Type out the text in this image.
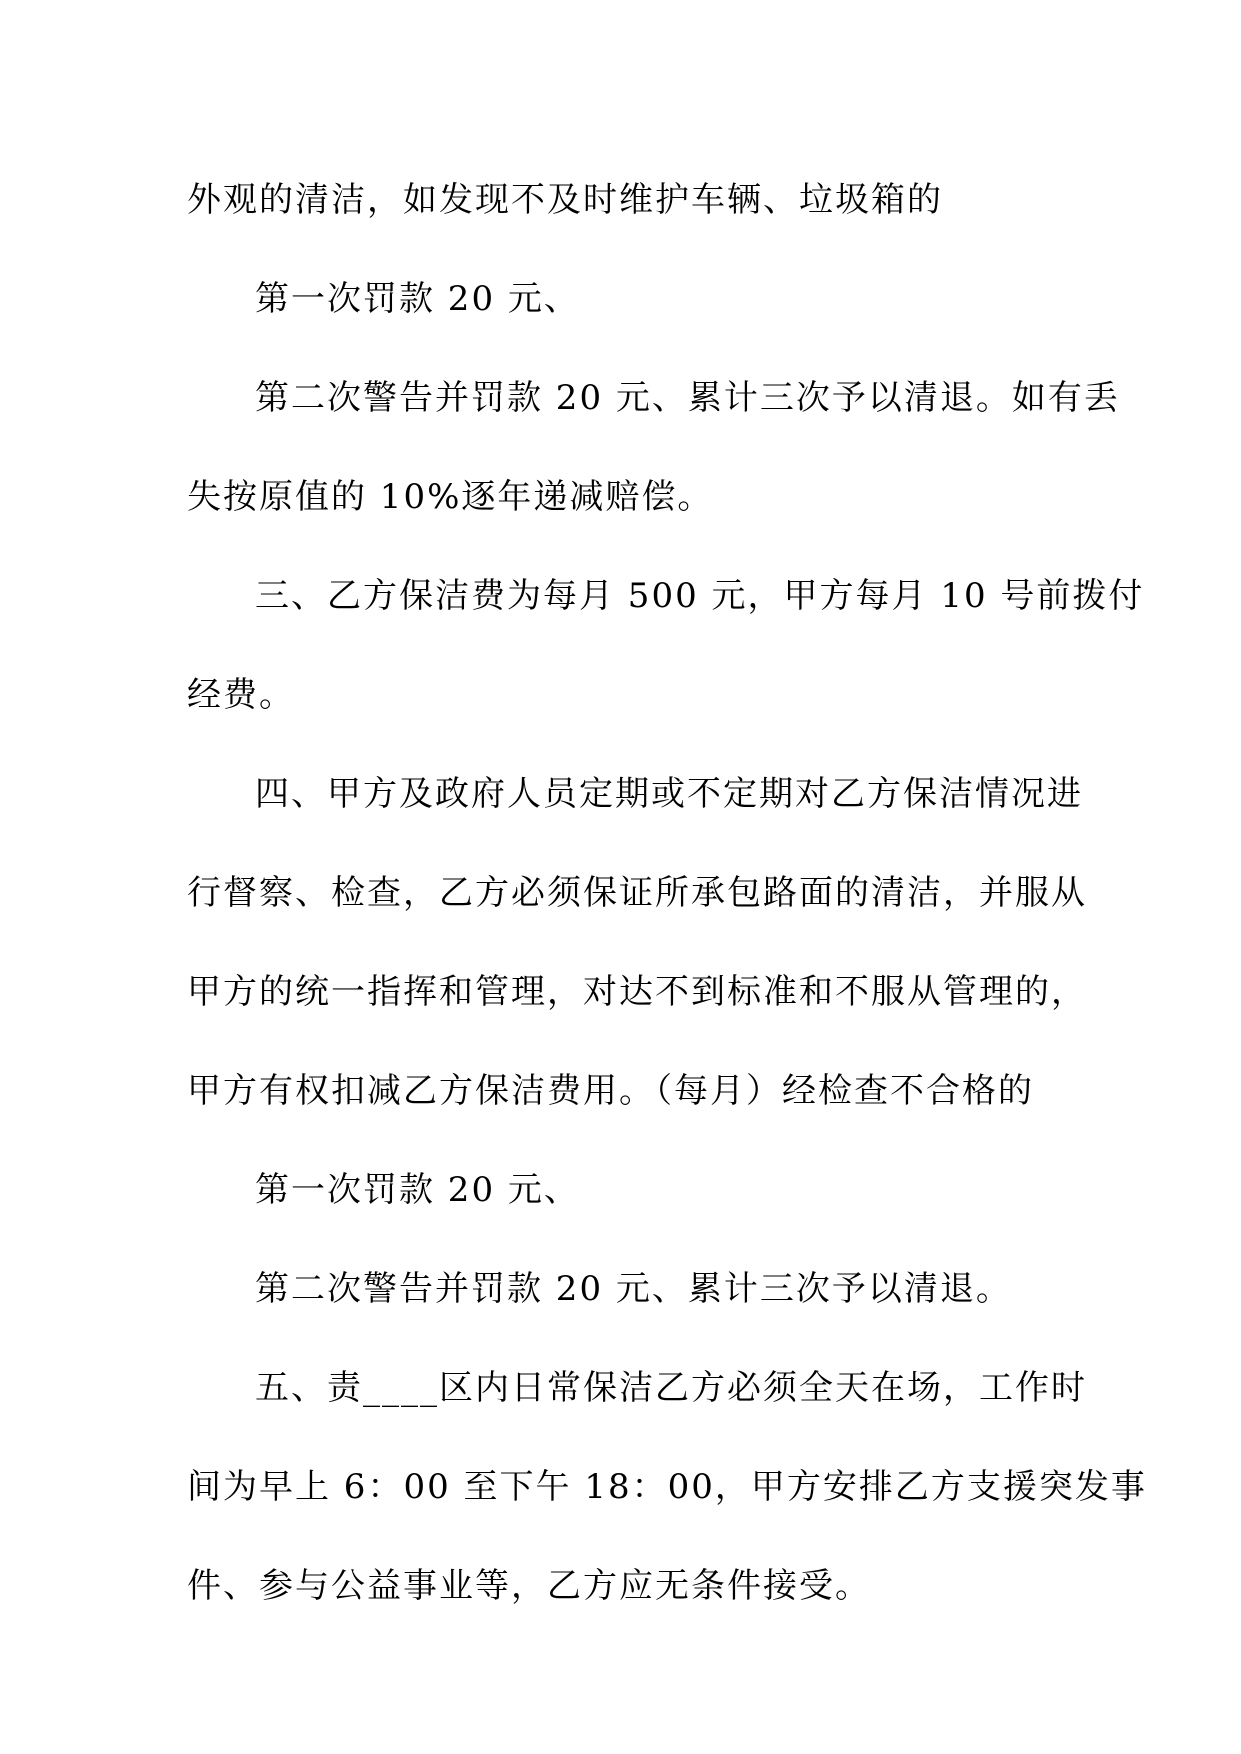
外观的清洁，如发现不及时维护车辆、垃圾箱的

第一次罚款 20 元、

第二次警告并罚款 20 元、累计三次予以清退。如有丢

失按原值的 10%逐年递减赔偿。

三、乙方保洁费为每月 500 元，甲方每月 10 号前拨付

经费。

四、甲方及政府人员定期或不定期对乙方保洁情况进

行督察、检查，乙方必须保证所承包路面的清洁，并服从

甲方的统一指挥和管理，对达不到标准和不服从管理的，

甲方有权扣减乙方保洁费用。（每月）经检查不合格的

第一次罚款 20 元、

第二次警告并罚款 20 元、累计三次予以清退。

五、责____区内日常保洁乙方必须全天在场，工作时

间为早上 6：00 至下午 18：00，甲方安排乙方支援突发事

件、参与公益事业等，乙方应无条件接受。
